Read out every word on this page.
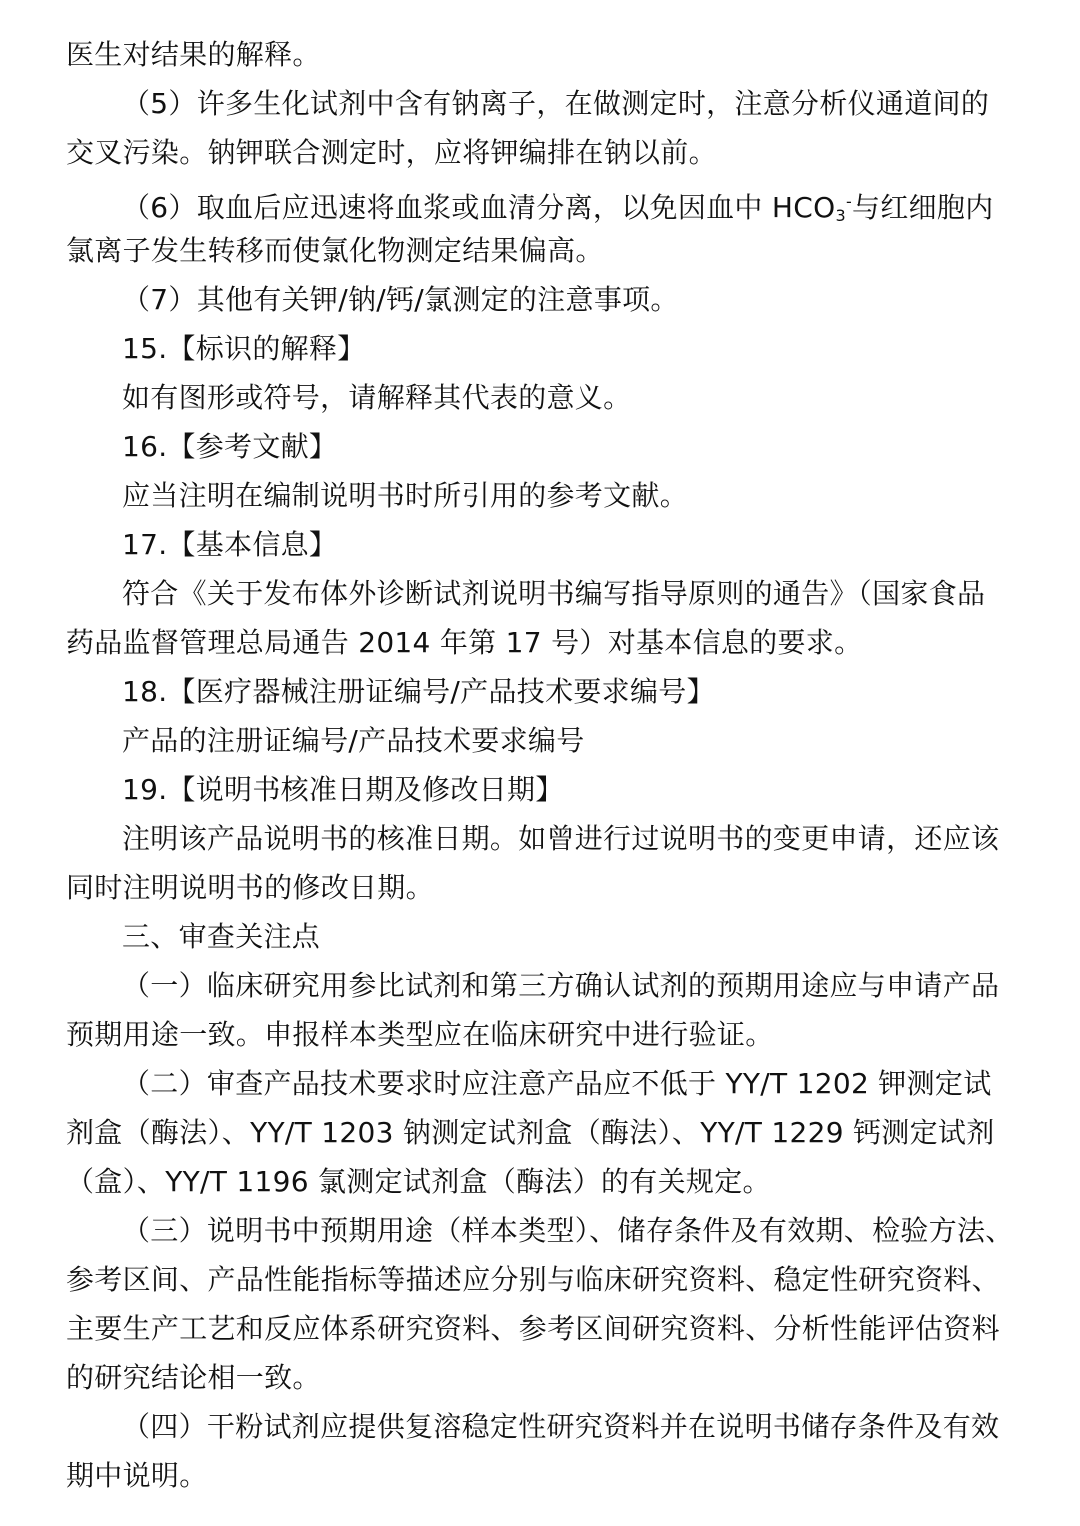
医生对结果的解释。
（5）许多生化试剂中含有钠离子，在做测定时，注意分析仪通道间的
交叉污染。钠钾联合测定时，应将钾编排在钠以前。
（6）取血后应迅速将血浆或血清分离，以免因血中 $HCO_3^-$与红细胞内
氯离子发生转移而使氯化物测定结果偏高。
（7）其他有关钾/钠/钙/氯测定的注意事项。
15.【标识的解释】
如有图形或符号，请解释其代表的意义。
16.【参考文献】
应当注明在编制说明书时所引用的参考文献。
17.【基本信息】
符合《关于发布体外诊断试剂说明书编写指导原则的通告》（国家食品
药品监督管理总局通告 2014 年第 17 号）对基本信息的要求。
18.【医疗器械注册证编号/产品技术要求编号】
产品的注册证编号/产品技术要求编号
19.【说明书核准日期及修改日期】
注明该产品说明书的核准日期。如曾进行过说明书的变更申请，还应该
同时注明说明书的修改日期。
三、审查关注点
（一）临床研究用参比试剂和第三方确认试剂的预期用途应与申请产品
预期用途一致。申报样本类型应在临床研究中进行验证。
（二）审查产品技术要求时应注意产品应不低于 YY/T 1202 钾测定试
剂盒（酶法）、YY/T 1203 钠测定试剂盒（酶法）、YY/T 1229 钙测定试剂
（盒）、YY/T 1196 氯测定试剂盒（酶法）的有关规定。
（三）说明书中预期用途（样本类型）、储存条件及有效期、检验方法、
参考区间、产品性能指标等描述应分别与临床研究资料、稳定性研究资料、
主要生产工艺和反应体系研究资料、参考区间研究资料、分析性能评估资料
的研究结论相一致。
（四）干粉试剂应提供复溶稳定性研究资料并在说明书储存条件及有效
期中说明。
